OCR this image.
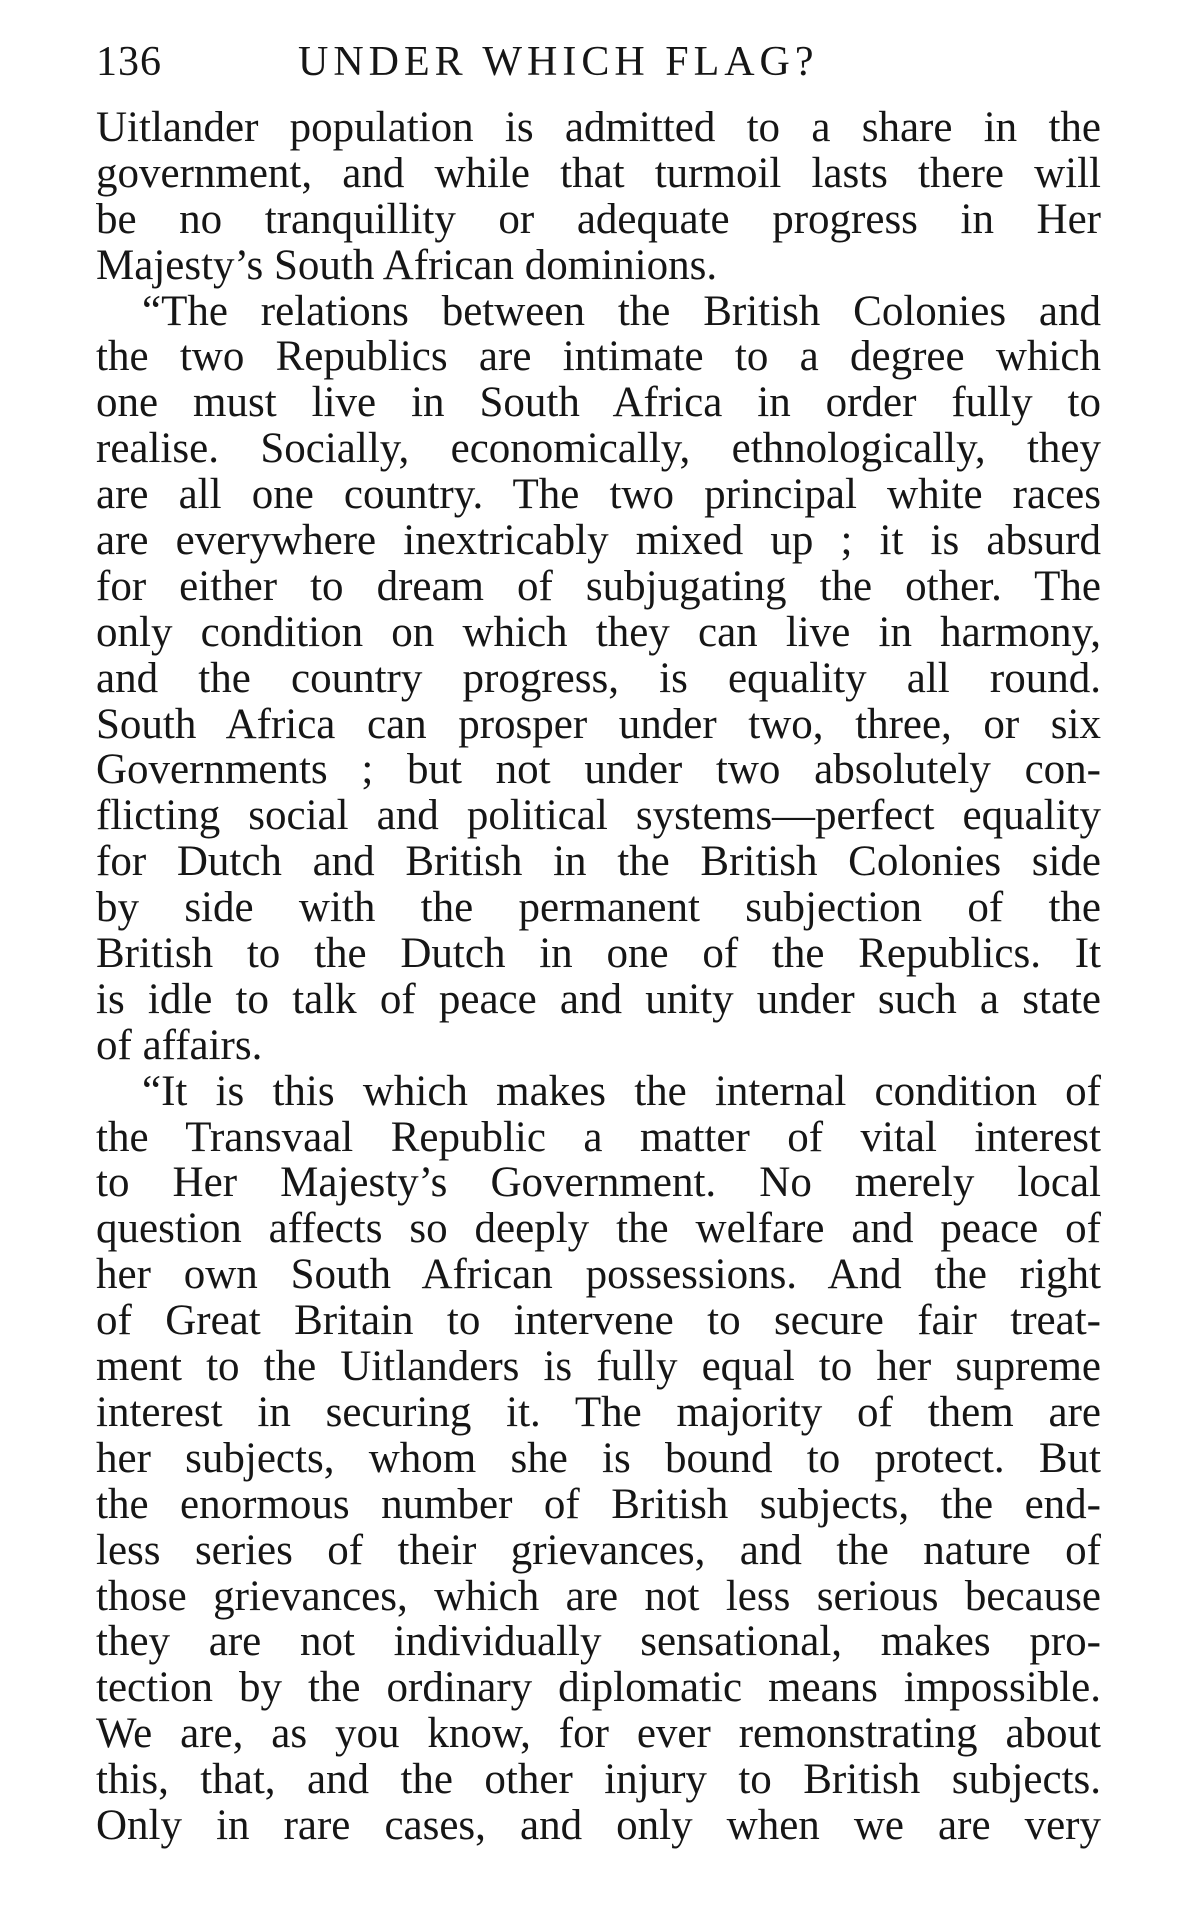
136	UNDER WHICH FLAG?
Uitlander population is admitted to a share in the
government, and while that turmoil lasts there will
be no tranquillity or adequate progress in Her
Majesty’s South African dominions.
“The relations between the British Colonies and
the two Republics are intimate to a degree which
one must live in South Africa in order fully to
realise. Socially, economically, ethnologically, they
are all one country. The two principal white races
are everywhere inextricably mixed up ; it is absurd
for either to dream of subjugating the other. The
only condition on which they can live in harmony,
and the country progress, is equality all round.
South Africa can prosper under two, three, or six
Governments ; but not under two absolutely con-
flicting social and political systems—perfect equality
for Dutch and British in the British Colonies side
by side with the permanent subjection of the
British to the Dutch in one of the Republics. It
is idle to talk of peace and unity under such a state
of affairs.
“It is this which makes the internal condition of
the Transvaal Republic a matter of vital interest
to Her Majesty’s Government. No merely local
question affects so deeply the welfare and peace of
her own South African possessions. And the right
of Great Britain to intervene to secure fair treat-
ment to the Uitlanders is fully equal to her supreme
interest in securing it. The majority of them are
her subjects, whom she is bound to protect. But
the enormous number of British subjects, the end-
less series of their grievances, and the nature of
those grievances, which are not less serious because
they are not individually sensational, makes pro-
tection by the ordinary diplomatic means impossible.
We are, as you know, for ever remonstrating about
this, that, and the other injury to British subjects.
Only in rare cases, and only when we are very
